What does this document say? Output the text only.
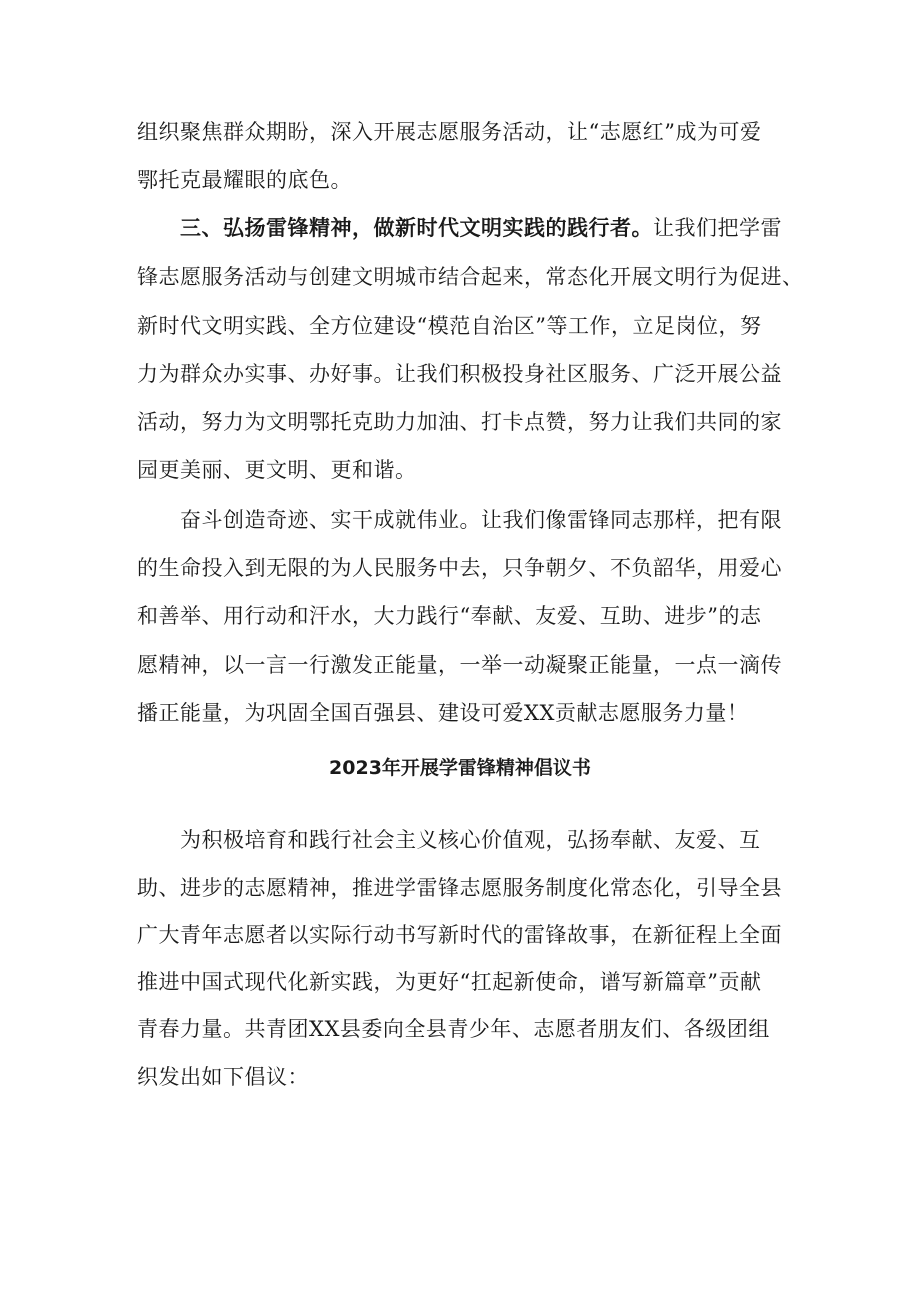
组织聚焦群众期盼，深入开展志愿服务活动，让“志愿红”成为可爱
鄂托克最耀眼的底色。
三、弘扬雷锋精神，做新时代文明实践的践行者。让我们把学雷
锋志愿服务活动与创建文明城市结合起来，常态化开展文明行为促进、
新时代文明实践、全方位建设“模范自治区”等工作，立足岗位，努
力为群众办实事、办好事。让我们积极投身社区服务、广泛开展公益
活动，努力为文明鄂托克助力加油、打卡点赞，努力让我们共同的家
园更美丽、更文明、更和谐。
奋斗创造奇迹、实干成就伟业。让我们像雷锋同志那样，把有限
的生命投入到无限的为人民服务中去，只争朝夕、不负韶华，用爱心
和善举、用行动和汗水，大力践行“奉献、友爱、互助、进步”的志
愿精神，以一言一行激发正能量，一举一动凝聚正能量，一点一滴传
播正能量，为巩固全国百强县、建设可爱XX贡献志愿服务力量！
2023年开展学雷锋精神倡议书
为积极培育和践行社会主义核心价值观，弘扬奉献、友爱、互
助、进步的志愿精神，推进学雷锋志愿服务制度化常态化，引导全县
广大青年志愿者以实际行动书写新时代的雷锋故事，在新征程上全面
推进中国式现代化新实践，为更好“扛起新使命，谱写新篇章”贡献
青春力量。共青团XX县委向全县青少年、志愿者朋友们、各级团组
织发出如下倡议：
